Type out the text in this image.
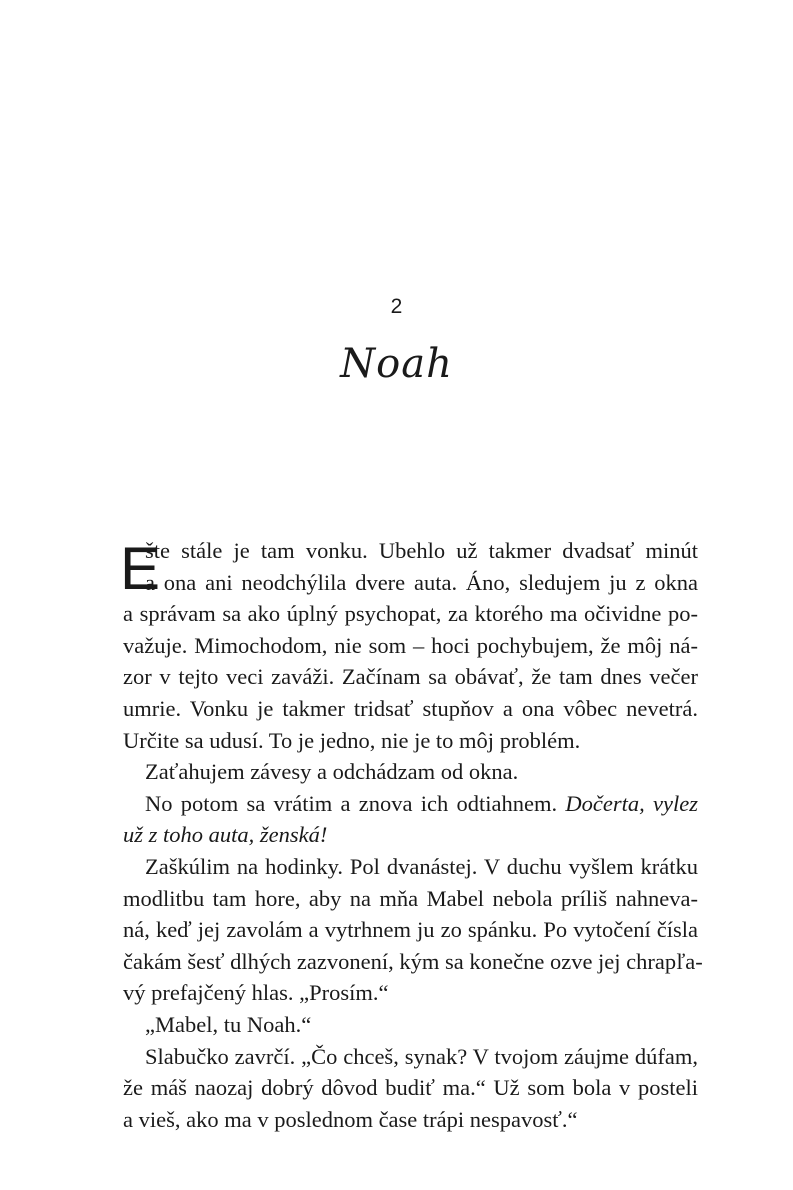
2
Noah
E
šte stále je tam vonku. Ubehlo už takmer dvadsať minút
a ona ani neodchýlila dvere auta. Áno, sledujem ju z okna
a správam sa ako úplný psychopat, za ktorého ma očividne po-
važuje. Mimochodom, nie som – hoci pochybujem, že môj ná-
zor v tejto veci zaváži. Začínam sa obávať, že tam dnes večer
umrie. Vonku je takmer tridsať stupňov a ona vôbec nevetrá.
Určite sa udusí. To je jedno, nie je to môj problém.
Zaťahujem závesy a odchádzam od okna.
No potom sa vrátim a znova ich odtiahnem. Dočerta, vylez
už z toho auta, ženská!
Zaškúlim na hodinky. Pol dvanástej. V duchu vyšlem krátku
modlitbu tam hore, aby na mňa Mabel nebola príliš nahneva-
ná, keď jej zavolám a vytrhnem ju zo spánku. Po vytočení čísla
čakám šesť dlhých zazvonení, kým sa konečne ozve jej chrapľa-
vý prefajčený hlas. „Prosím.“
„Mabel, tu Noah.“
Slabučko zavrčí. „Čo chceš, synak? V tvojom záujme dúfam,
že máš naozaj dobrý dôvod budiť ma.“ Už som bola v posteli
a vieš, ako ma v poslednom čase trápi nespavosť.“
